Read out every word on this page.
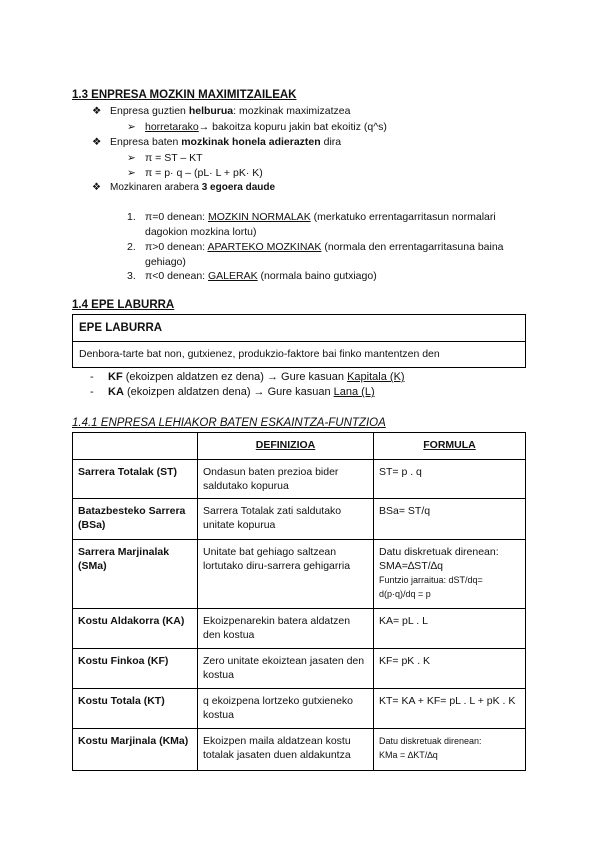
1.3 ENPRESA MOZKIN MAXIMITZAILEAK
❖ Enpresa guztien helburua: mozkinak maximizatzea
➢ horretarako→ bakoitza kopuru jakin bat ekoitiz (q^s)
❖ Enpresa baten mozkinak honela adierazten dira
➢ π = ST – KT
➢ π = p· q – (pL· L + pK· K)
❖ Mozkinaren arabera 3 egoera daude
1. π=0 denean: MOZKIN NORMALAK (merkatuko errentagarritasun normalari
dagokion mozkina lortu)
2. π>0 denean: APARTEKO MOZKINAK (normala den errentagarritasuna baina
gehiago)
3. π<0 denean: GALERAK (normala baino gutxiago)
1.4 EPE LABURRA
EPE LABURRA
Denbora-tarte bat non, gutxienez, produkzio-faktore bai finko mantentzen den
- KF (ekoizpen aldatzen ez dena) → Gure kasuan Kapitala (K)
- KA (ekoizpen aldatzen dena) → Gure kasuan Lana (L)
1.4.1 ENPRESA LEHIAKOR BATEN ESKAINTZA-FUNTZIOA
	DEFINIZIOA	FORMULA
Sarrera Totalak (ST)	Ondasun baten prezioa bider saldutako kopurua	ST= p . q
Batazbesteko Sarrera (BSa)	Sarrera Totalak zati saldutako unitate kopurua	BSa= ST/q
Sarrera Marjinalak (SMa)	Unitate bat gehiago saltzean lortutako diru-sarrera gehigarria	Datu diskretuak direnean: SMA=∆ST/∆q
Funtzio jarraitua: dST/dq= d(p·q)/dq = p

Kostu Aldakorra (KA)	Ekoizpenarekin batera aldatzen den kostua	KA= pL . L
Kostu Finkoa (KF)	Zero unitate ekoiztean jasaten den kostua	KF= pK . K
Kostu Totala (KT)	q ekoizpena lortzeko gutxieneko kostua	KT= KA + KF= pL . L + pK . K
Kostu Marjinala (KMa)	Ekoizpen maila aldatzean kostu totalak jasaten duen aldakuntza	Datu diskretuak direnean:
KMa = ∆KT/∆q
